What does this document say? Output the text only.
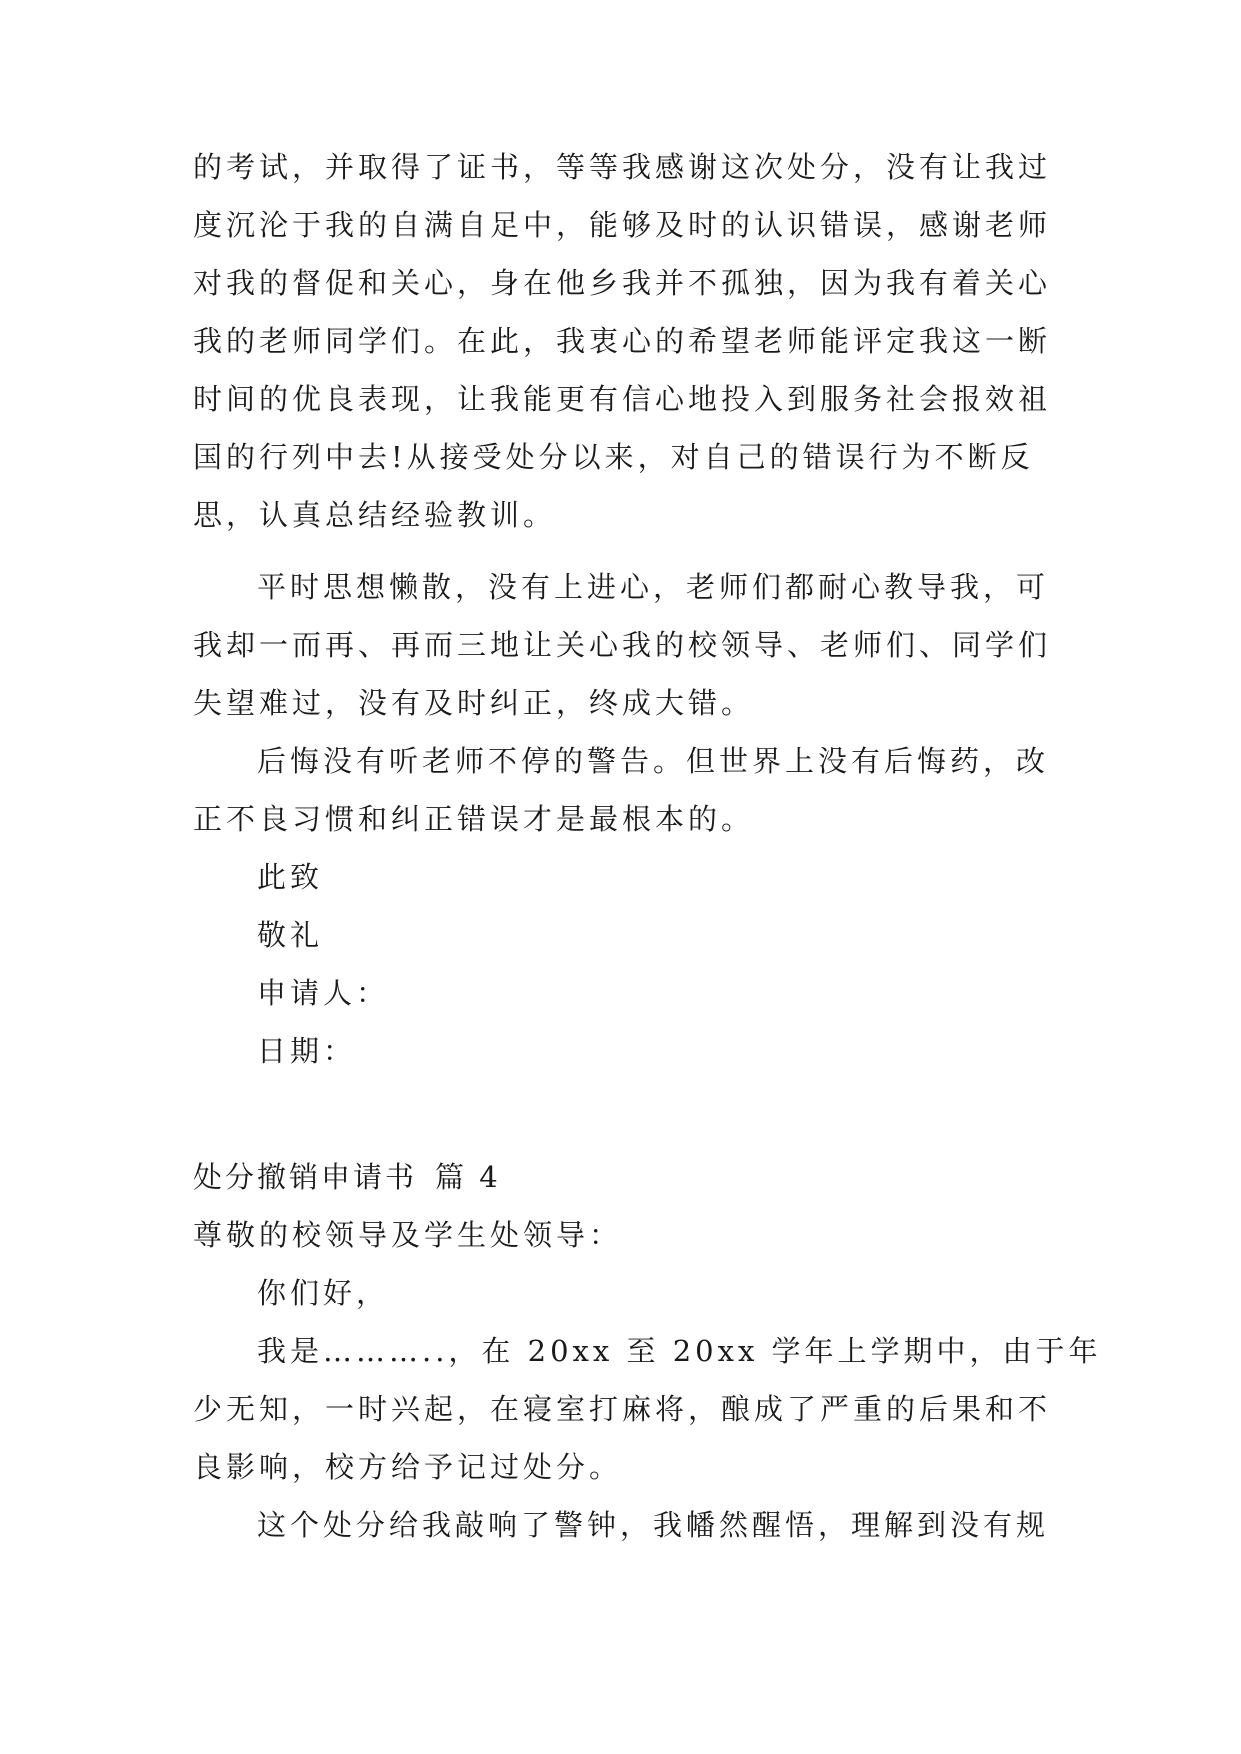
的考试，并取得了证书，等等我感谢这次处分，没有让我过
度沉沦于我的自满自足中，能够及时的认识错误，感谢老师
对我的督促和关心，身在他乡我并不孤独，因为我有着关心
我的老师同学们。在此，我衷心的希望老师能评定我这一断
时间的优良表现，让我能更有信心地投入到服务社会报效祖
国的行列中去!从接受处分以来，对自己的错误行为不断反
思，认真总结经验教训。
平时思想懒散，没有上进心，老师们都耐心教导我，可
我却一而再、再而三地让关心我的校领导、老师们、同学们
失望难过，没有及时纠正，终成大错。
后悔没有听老师不停的警告。但世界上没有后悔药，改
正不良习惯和纠正错误才是最根本的。
此致
敬礼
申请人：
日期：
处分撤销申请书 篇 4
尊敬的校领导及学生处领导：
你们好，
我是………..，在 20xx 至 20xx 学年上学期中，由于年
少无知，一时兴起，在寝室打麻将，酿成了严重的后果和不
良影响，校方给予记过处分。
这个处分给我敲响了警钟，我幡然醒悟，理解到没有规
